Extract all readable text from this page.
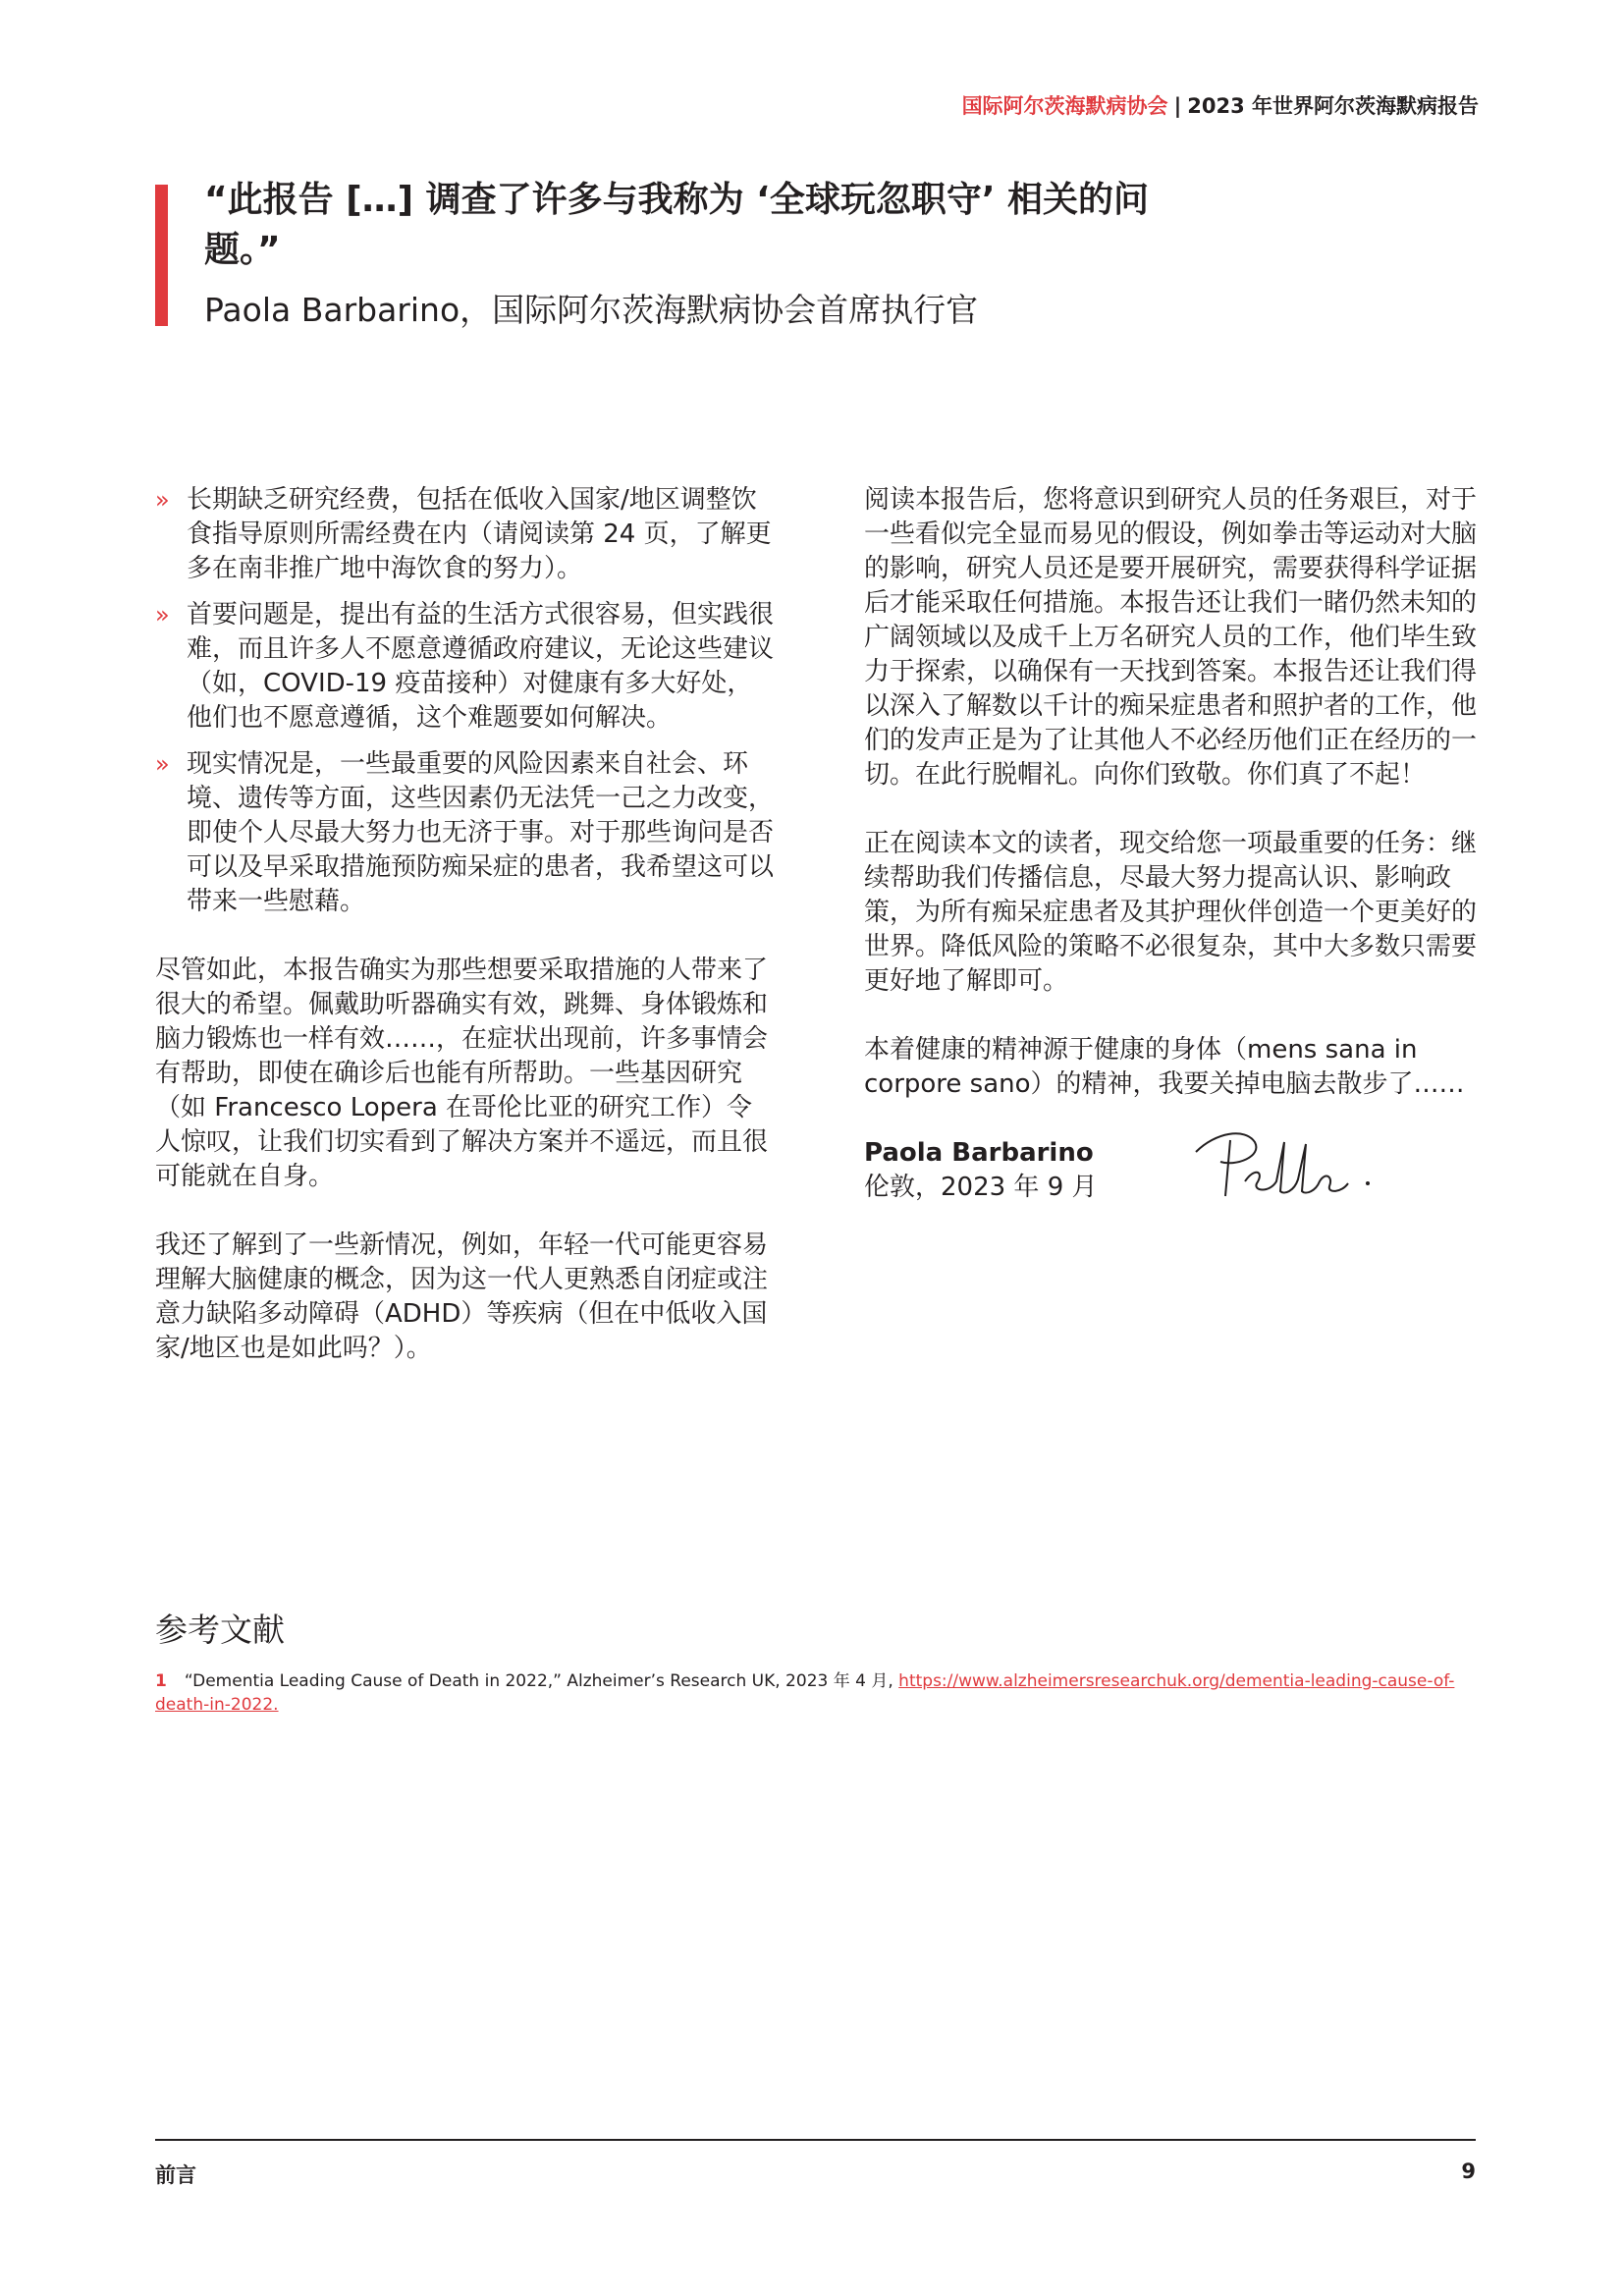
国际阿尔茨海默病协会 | 2023 年世界阿尔茨海默病报告
“此报告 […] 调查了许多与我称为 ‘全球玩忽职守’ 相关的问题。”
Paola Barbarino，国际阿尔茨海默病协会首席执行官
» 长期缺乏研究经费，包括在低收入国家/地区调整饮食指导原则所需经费在内（请阅读第 24 页，了解更多在南非推广地中海饮食的努力）。
» 首要问题是，提出有益的生活方式很容易，但实践很难，而且许多人不愿意遵循政府建议，无论这些建议（如，COVID-19 疫苗接种）对健康有多大好处，他们也不愿意遵循，这个难题要如何解决。
» 现实情况是，一些最重要的风险因素来自社会、环境、遗传等方面，这些因素仍无法凭一己之力改变，即使个人尽最大努力也无济于事。对于那些询问是否可以及早采取措施预防痴呆症的患者，我希望这可以带来一些慰藉。

尽管如此，本报告确实为那些想要采取措施的人带来了很大的希望。佩戴助听器确实有效，跳舞、身体锻炼和脑力锻炼也一样有效……，在症状出现前，许多事情会有帮助，即使在确诊后也能有所帮助。一些基因研究（如 Francesco Lopera 在哥伦比亚的研究工作）令人惊叹，让我们切实看到了解决方案并不遥远，而且很可能就在自身。

我还了解到了一些新情况，例如，年轻一代可能更容易理解大脑健康的概念，因为这一代人更熟悉自闭症或注意力缺陷多动障碍（ADHD）等疾病（但在中低收入国家/地区也是如此吗？）。

阅读本报告后，您将意识到研究人员的任务艰巨，对于一些看似完全显而易见的假设，例如拳击等运动对大脑的影响，研究人员还是要开展研究，需要获得科学证据后才能采取任何措施。本报告还让我们一睹仍然未知的广阔领域以及成千上万名研究人员的工作，他们毕生致力于探索，以确保有一天找到答案。本报告还让我们得以深入了解数以千计的痴呆症患者和照护者的工作，他们的发声正是为了让其他人不必经历他们正在经历的一切。在此行脱帽礼。向你们致敬。你们真了不起！

正在阅读本文的读者，现交给您一项最重要的任务：继续帮助我们传播信息，尽最大努力提高认识、影响政策，为所有痴呆症患者及其护理伙伴创造一个更美好的世界。降低风险的策略不必很复杂，其中大多数只需要更好地了解即可。

本着健康的精神源于健康的身体（mens sana in corpore sano）的精神，我要关掉电脑去散步了……

Paola Barbarino
伦敦，2023 年 9 月
参考文献
1 “Dementia Leading Cause of Death in 2022,” Alzheimer’s Research UK, 2023 年 4 月, https://www.alzheimersresearchuk.org/dementia-leading-cause-of-death-in-2022.
前言	9
